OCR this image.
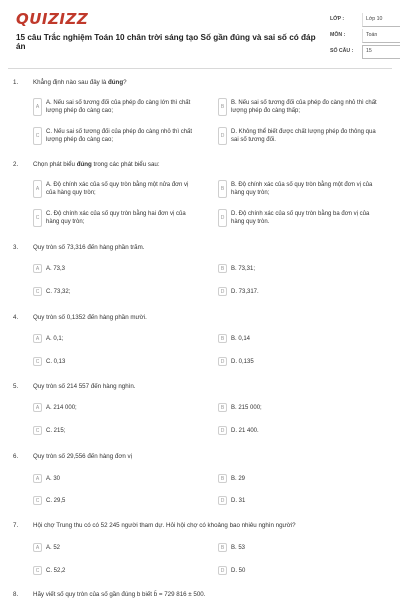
QUIZIZZ
15 câu Trắc nghiệm Toán 10 chân trời sáng tạo Số gần đúng và sai số có đáp án
LỚP :	Lớp 10
MÔN :	Toán
SỐ CÂU : 15
1. Khẳng định nào sau đây là đúng?
A
A. Nếu sai số tương đối của phép đo càng lớn thì chất lượng phép đo càng cao;
B
B. Nếu sai số tương đối của phép đo càng nhỏ thì chất lượng phép đo càng thấp;
C
C. Nếu sai số tương đối của phép đo càng nhỏ thì chất lượng phép đo càng cao;
D
D. Không thể biết được chất lượng phép đo thông qua sai số tương đối.
2. Chọn phát biểu đúng trong các phát biểu sau:
A
A. Độ chính xác của số quy tròn bằng một nửa đơn vị của hàng quy tròn;
B
B. Độ chính xác của số quy tròn bằng một đơn vị của hàng quy tròn;
C
C. Độ chính xác của số quy tròn bằng hai đơn vị của hàng quy tròn;
D
D. Độ chính xác của số quy tròn bằng ba đơn vị của hàng quy tròn.
3. Quy tròn số 73,316 đến hàng phần trăm.
A	A. 73,3	B	B. 73,31;
C	C. 73,32;	D	D. 73,317.
4. Quy tròn số 0,1352 đến hàng phần mười.
A	A. 0,1;	B	B. 0,14
C	C. 0,13	D	D. 0,135
5. Quy tròn số 214 557 đến hàng nghìn.
A	A. 214 000;	B	B. 215 000;
C	C. 215;	D	D. 21 400.
6. Quy tròn số 29,556 đến hàng đơn vị
A	A. 30	B	B. 29
C	C. 29,5	D	D. 31
7. Hội chợ Trung thu có có 52 245 người tham dự. Hỏi hội chợ có khoảng bao nhiêu nghìn người?
A	A. 52	B	B. 53
C	C. 52,2	D	D. 50
8. Hãy viết số quy tròn của số gần đúng b biết b̄ = 729 816 ± 500.
